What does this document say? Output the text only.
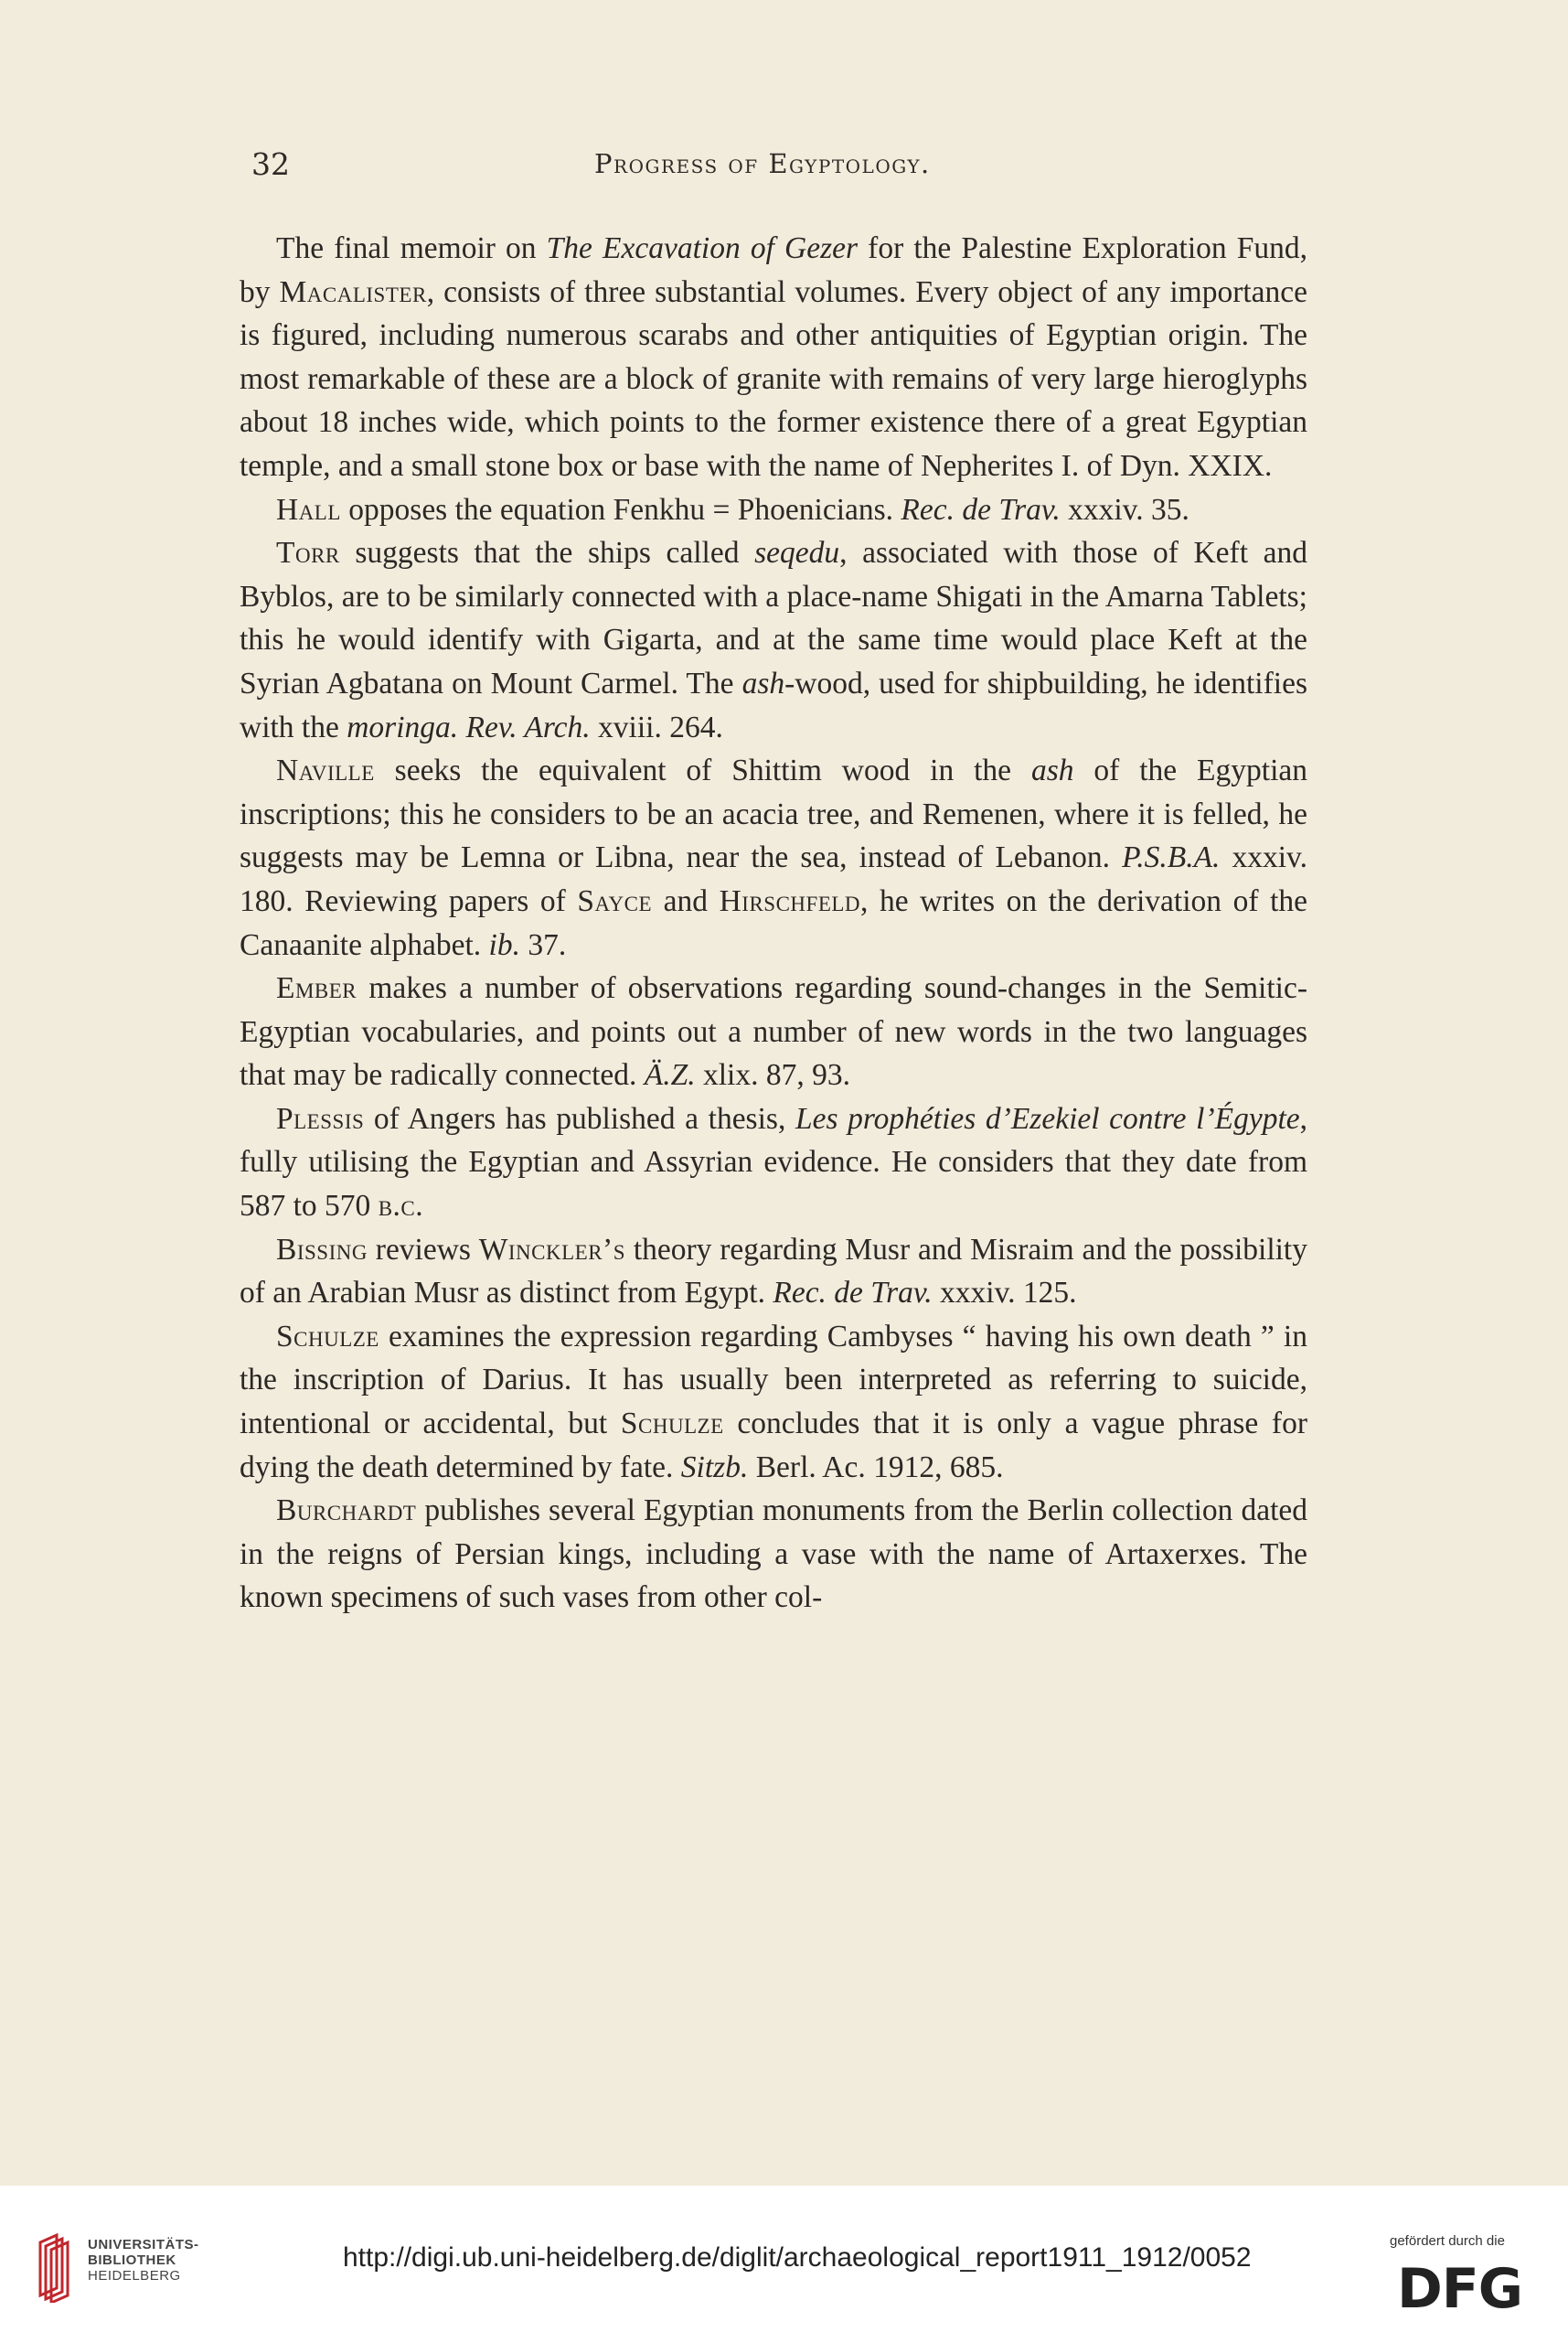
32	Progress of Egyptology.

The final memoir on The Excavation of Gezer for the Palestine Exploration Fund, by Macalister, consists of three substantial volumes. Every object of any importance is figured, including numerous scarabs and other antiquities of Egyptian origin. The most remarkable of these are a block of granite with remains of very large hieroglyphs about 18 inches wide, which points to the former existence there of a great Egyptian temple, and a small stone box or base with the name of Nepherites I. of Dyn. XXIX.

Hall opposes the equation Fenkhu = Phoenicians. Rec. de Trav. xxxiv. 35.

Torr suggests that the ships called seqedu, associated with those of Keft and Byblos, are to be similarly connected with a place-name Shigati in the Amarna Tablets; this he would identify with Gigarta, and at the same time would place Keft at the Syrian Agbatana on Mount Carmel. The ash-wood, used for shipbuilding, he identifies with the moringa. Rev. Arch. xviii. 264.

Naville seeks the equivalent of Shittim wood in the ash of the Egyptian inscriptions; this he considers to be an acacia tree, and Remenen, where it is felled, he suggests may be Lemna or Libna, near the sea, instead of Lebanon. P.S.B.A. xxxiv. 180. Reviewing papers of Sayce and Hirschfeld, he writes on the derivation of the Canaanite alphabet. ib. 37.

Ember makes a number of observations regarding sound-changes in the Semitic-Egyptian vocabularies, and points out a number of new words in the two languages that may be radically connected. Ä.Z. xlix. 87, 93.

Plessis of Angers has published a thesis, Les prophéties d’Ezekiel contre l’Égypte, fully utilising the Egyptian and Assyrian evidence. He considers that they date from 587 to 570 b.c.

Bissing reviews Winckler’s theory regarding Musr and Misraim and the possibility of an Arabian Musr as distinct from Egypt. Rec. de Trav. xxxiv. 125.

Schulze examines the expression regarding Cambyses “ having his own death ” in the inscription of Darius. It has usually been interpreted as referring to suicide, intentional or accidental, but Schulze concludes that it is only a vague phrase for dying the death determined by fate. Sitzb. Berl. Ac. 1912, 685.

Burchardt publishes several Egyptian monuments from the Berlin collection dated in the reigns of Persian kings, including a vase with the name of Artaxerxes. The known specimens of such vases from other col-

UNIVERSITÄTS-
BIBLIOTHEK
HEIDELBERG
http://digi.ub.uni-heidelberg.de/diglit/archaeological_report1911_1912/0052
gefördert durch die
DFG
